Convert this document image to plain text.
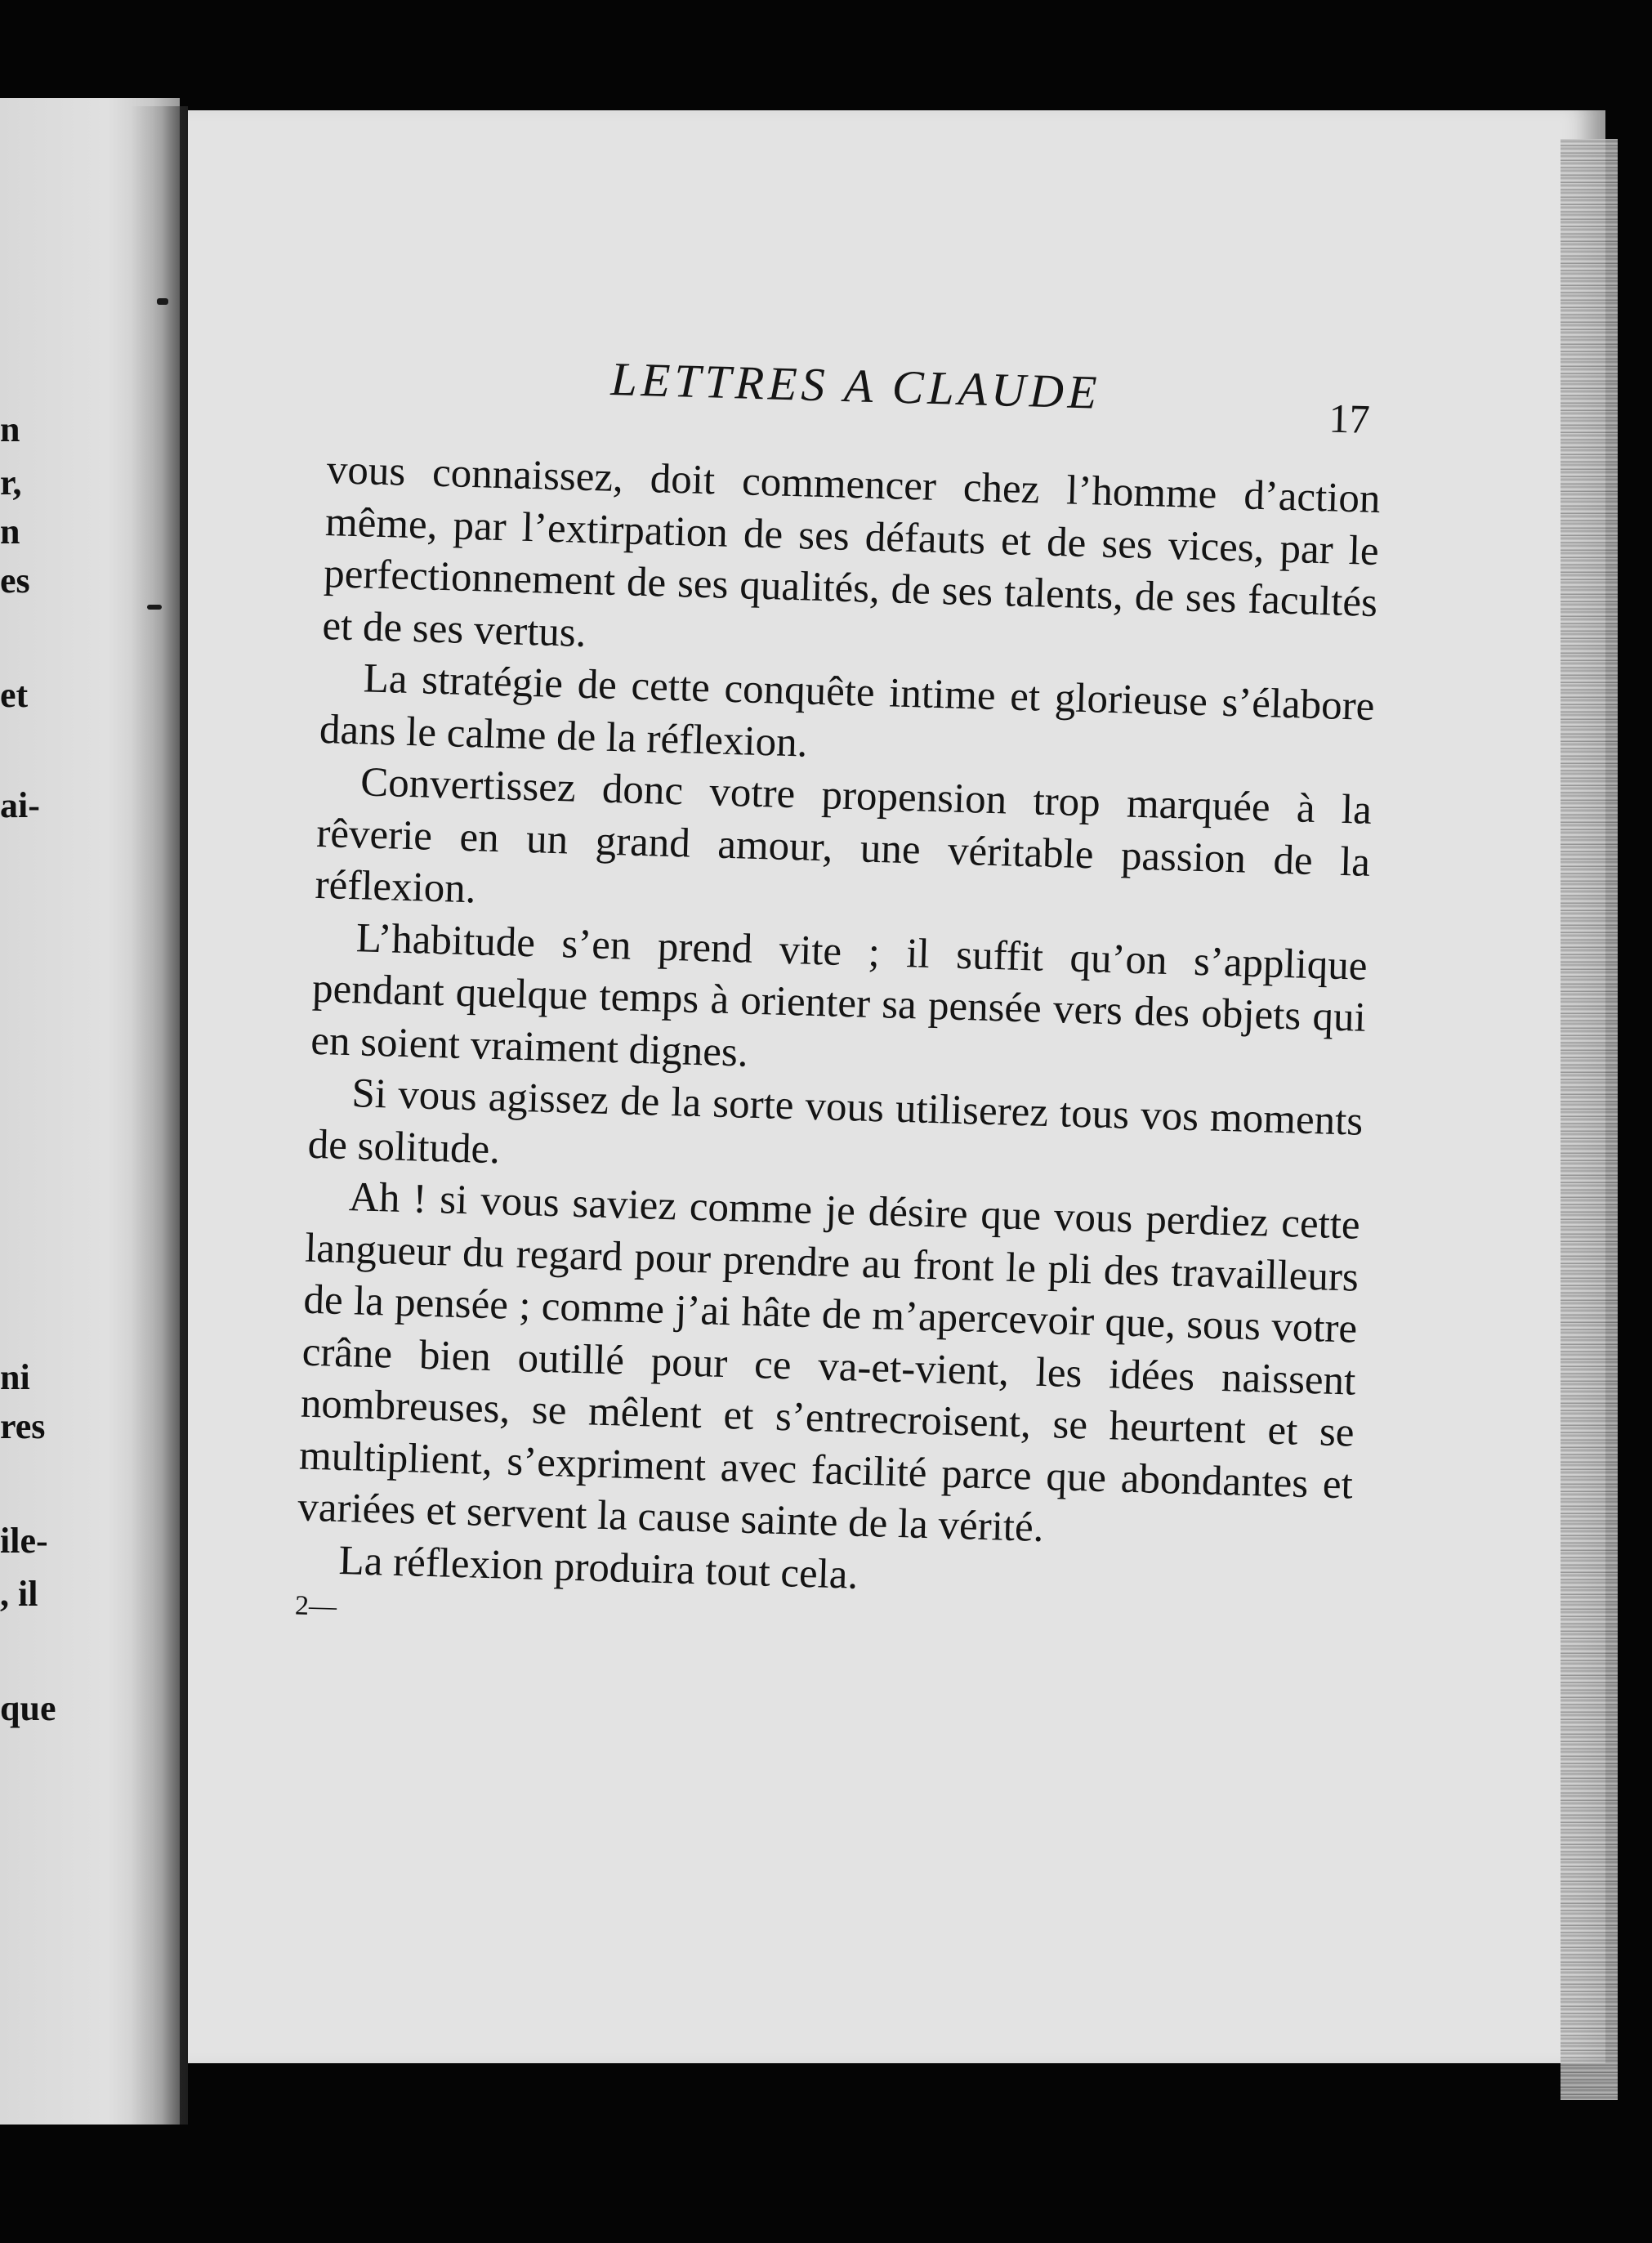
n
r,
n
es
et
ai-
ni
res
ile-
, il
que
LETTRES A CLAUDE	17

vous connaissez, doit commencer chez l’homme d’action même, par l’extirpation de ses défauts et de ses vices, par le perfectionnement de ses qualités, de ses talents, de ses facultés et de ses vertus.

La stratégie de cette conquête intime et glorieuse s’élabore dans le calme de la réflexion.

Convertissez donc votre propension trop marquée à la rêverie en un grand amour, une véritable passion de la réflexion.

L’habitude s’en prend vite ; il suffit qu’on s’applique pendant quelque temps à orienter sa pensée vers des objets qui en soient vraiment dignes.

Si vous agissez de la sorte vous utiliserez tous vos moments de solitude.

Ah ! si vous saviez comme je désire que vous perdiez cette langueur du regard pour prendre au front le pli des travailleurs de la pensée ; comme j’ai hâte de m’apercevoir que, sous votre crâne bien outillé pour ce va-et-vient, les idées naissent nombreuses, se mêlent et s’entrecroisent, se heurtent et se multiplient, s’expriment avec facilité parce que abondantes et variées et servent la cause sainte de la vérité.

La réflexion produira tout cela.

2—
